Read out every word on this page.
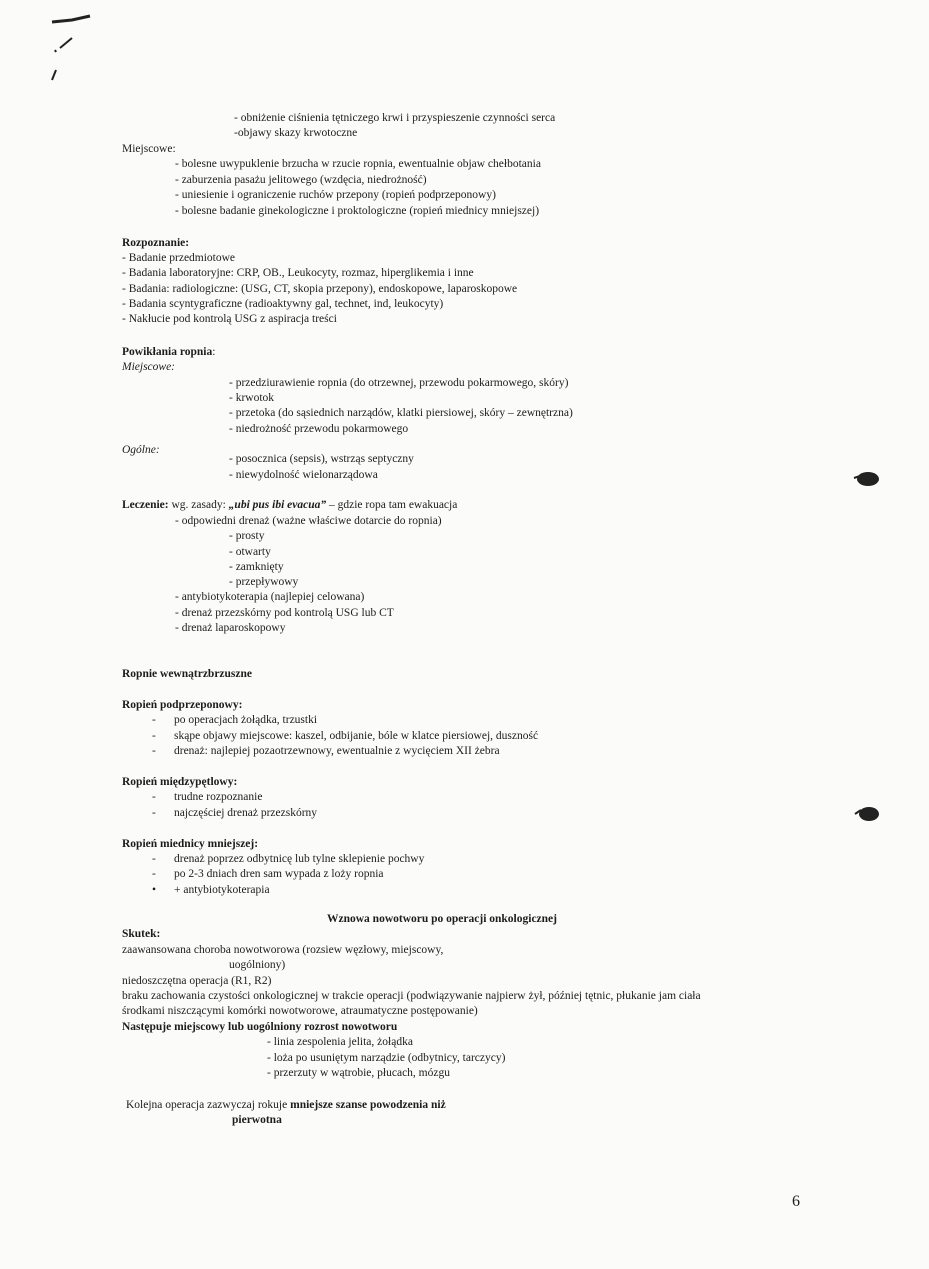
- obniżenie ciśnienia tętniczego krwi i przyspieszenie czynności serca
-objawy skazy krwotoczne
Miejscowe:
- bolesne uwypuklenie brzucha w rzucie ropnia, ewentualnie objaw chełbotania
- zaburzenia pasażu jelitowego (wzdęcia, niedrożność)
- uniesienie i ograniczenie ruchów przepony (ropień podprzeponowy)
- bolesne badanie ginekologiczne i proktologiczne (ropień miednicy mniejszej)
Rozpoznanie:
- Badanie przedmiotowe
- Badania laboratoryjne: CRP, OB., Leukocyty, rozmaz, hiperglikemia i inne
- Badania: radiologiczne: (USG, CT, skopia przepony), endoskopowe, laparoskopowe
- Badania scyntygraficzne (radioaktywny gal, technet, ind, leukocyty)
- Nakłucie pod kontrolą USG z aspiracja treści
Powikłania ropnia:
Miejscowe:
- przedziurawienie ropnia (do otrzewnej, przewodu pokarmowego, skóry)
- krwotok
- przetoka (do sąsiednich narządów, klatki piersiowej, skóry – zewnętrzna)
- niedrożność przewodu pokarmowego
Ogólne:
- posocznica (sepsis), wstrząs septyczny
- niewydolność wielonarządowa
Leczenie: wg. zasady: „ubi pus ibi evacua” – gdzie ropa tam ewakuacja
- odpowiedni drenaż (ważne właściwe dotarcie do ropnia)
- prosty
- otwarty
- zamknięty
- przepływowy
- antybiotykoterapia (najlepiej celowana)
- drenaż przezskórny pod kontrolą USG lub CT
- drenaż laparoskopowy
Ropnie wewnątrzbrzuszne
Ropień podprzeponowy:
- po operacjach żołądka, trzustki
- skąpe objawy miejscowe: kaszel, odbijanie, bóle w klatce piersiowej, duszność
- drenaż: najlepiej pozaotrzewnowy, ewentualnie z wycięciem XII żebra
Ropień międzypętlowy:
- trudne rozpoznanie
- najczęściej drenaż przezskórny
Ropień miednicy mniejszej:
- drenaż poprzez odbytnicę lub tylne sklepienie pochwy
- po 2-3 dniach dren sam wypada z loży ropnia
• + antybiotykoterapia
Wznowa nowotworu po operacji onkologicznej
Skutek:
zaawansowana choroba nowotworowa (rozsiew węzłowy, miejscowy,
uogólniony)
niedoszczętna operacja (R1, R2)
braku zachowania czystości onkologicznej w trakcie operacji (podwiązywanie najpierw żył, później tętnic, płukanie jam ciała
środkami niszczącymi komórki nowotworowe, atraumatyczne postępowanie)
Następuje miejscowy lub uogólniony rozrost nowotworu
- linia zespolenia jelita, żołądka
- loża po usuniętym narządzie (odbytnicy, tarczycy)
- przerzuty w wątrobie, płucach, mózgu
Kolejna operacja zazwyczaj rokuje mniejsze szanse powodzenia niż
pierwotna
6
